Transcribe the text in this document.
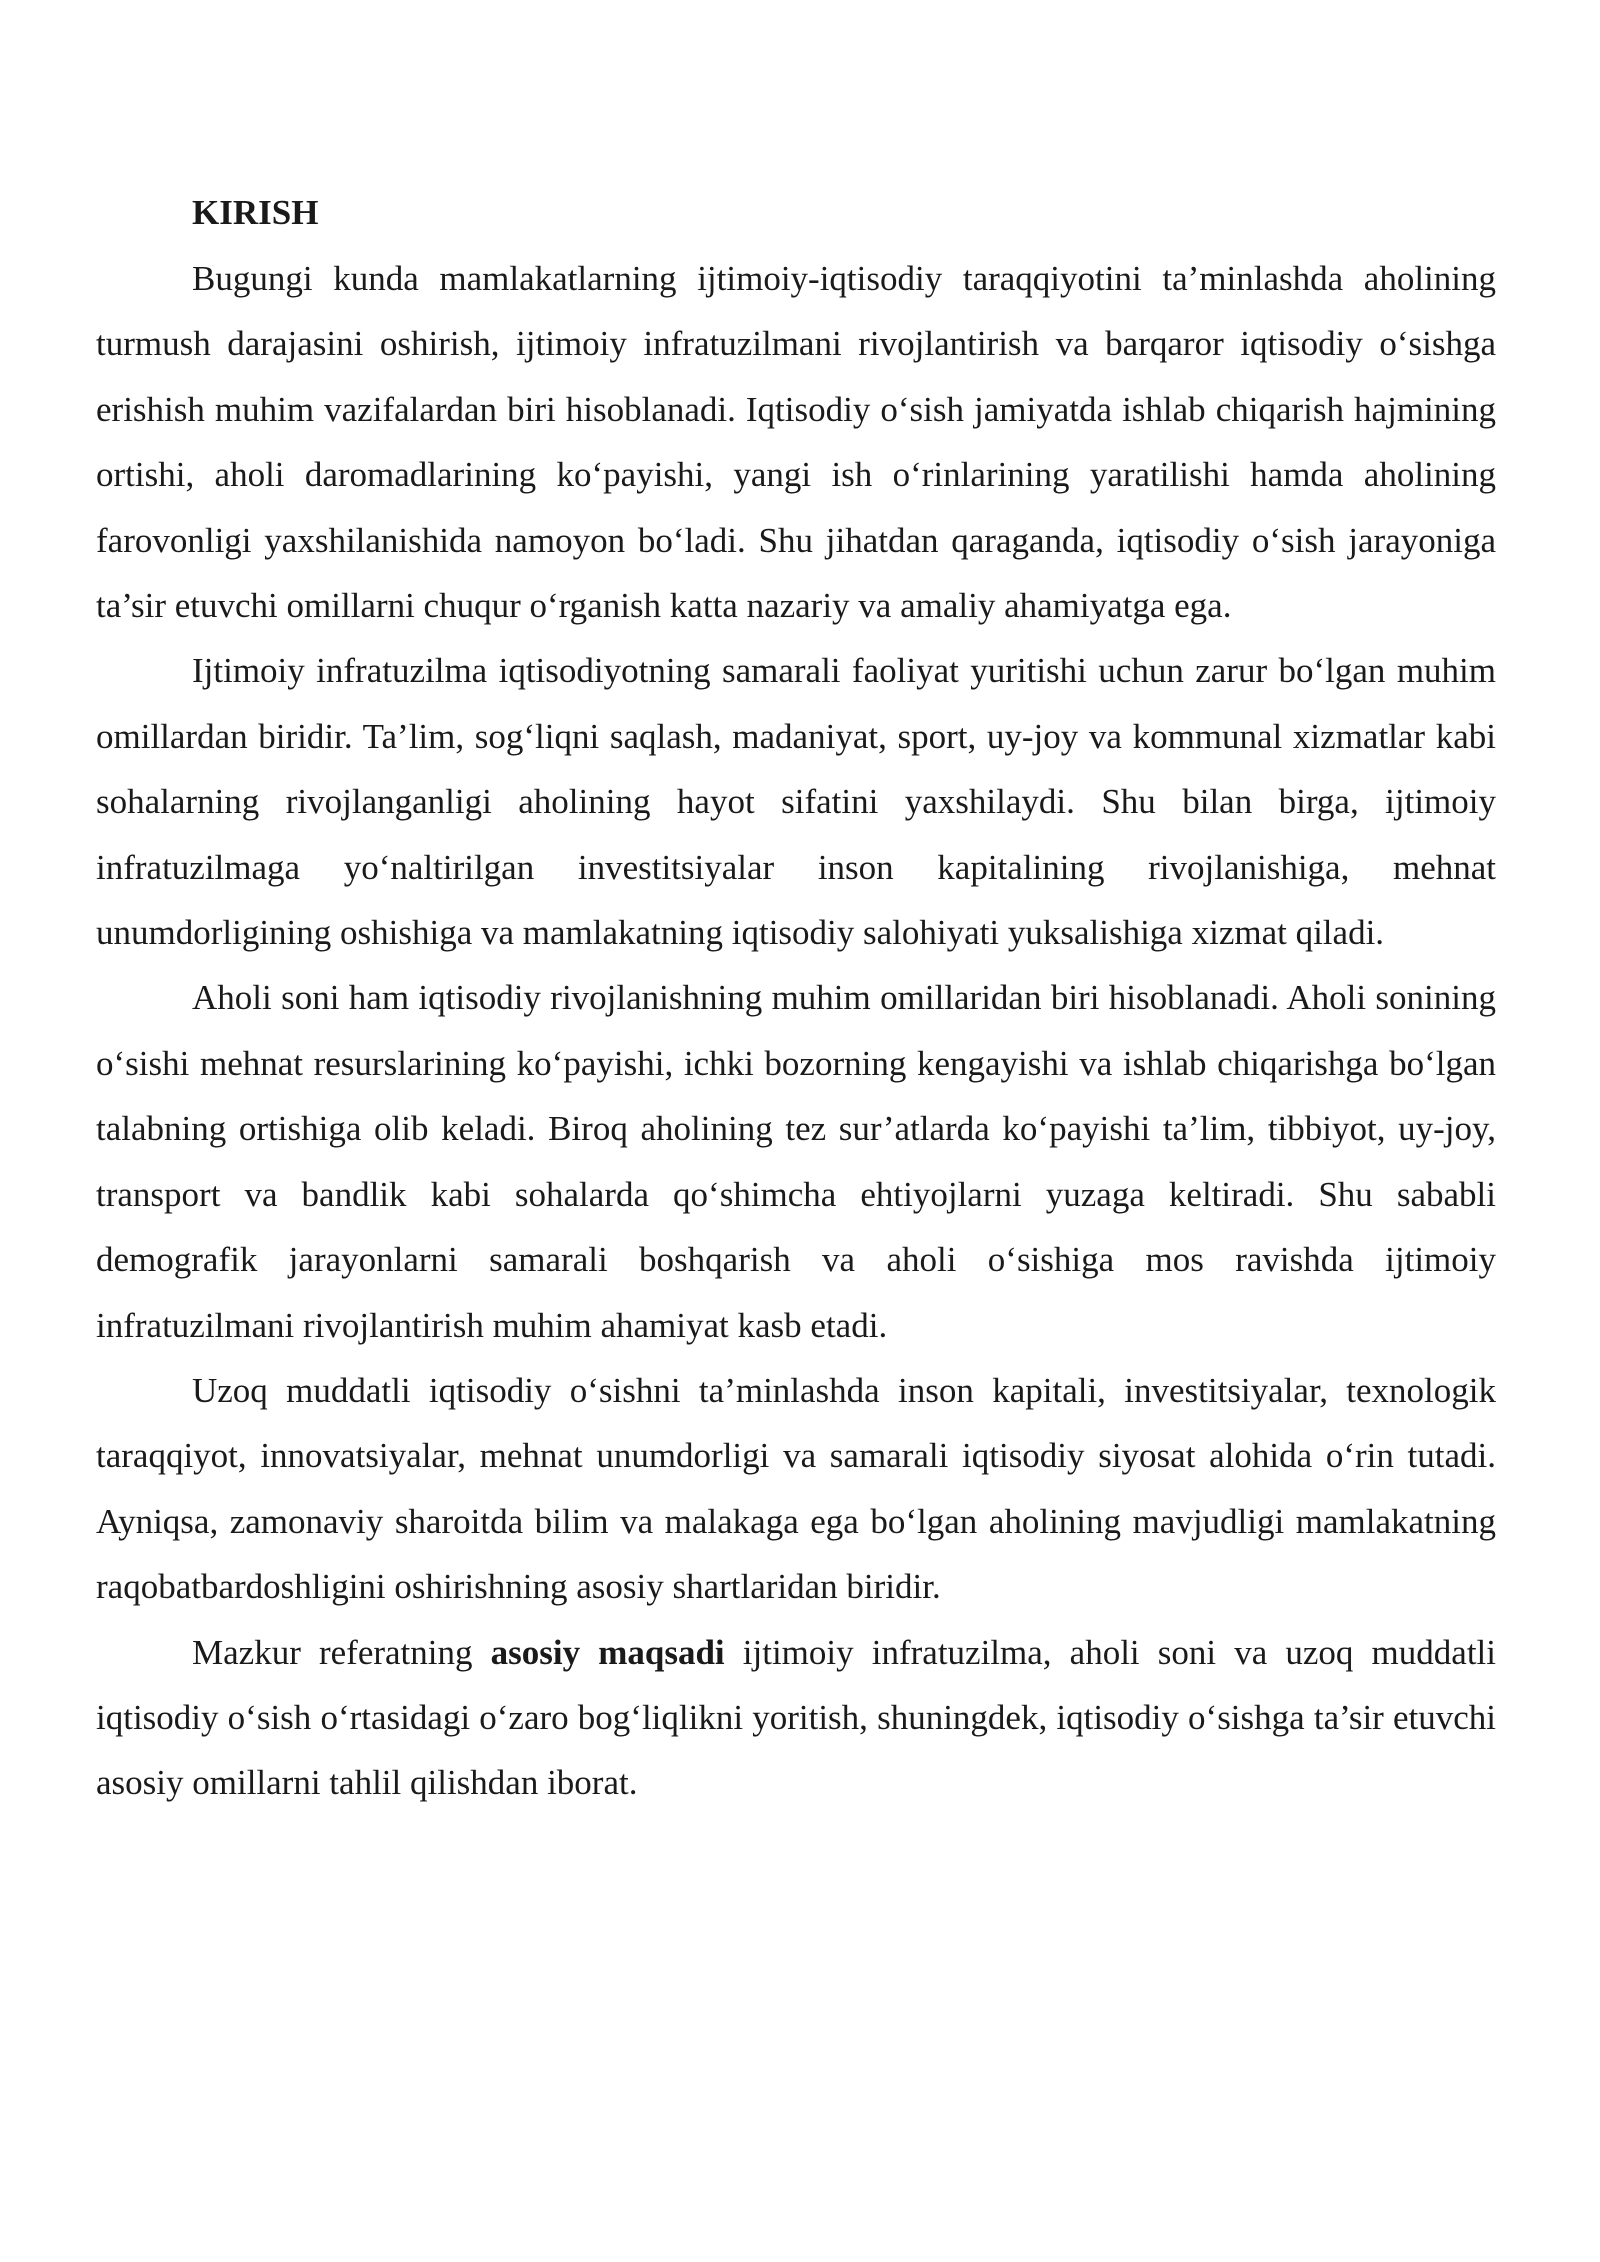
KIRISH

Bugungi kunda mamlakatlarning ijtimoiy-iqtisodiy taraqqiyotini ta’minlashda aholining turmush darajasini oshirish, ijtimoiy infratuzilmani rivojlantirish va barqaror iqtisodiy o‘sishga erishish muhim vazifalardan biri hisoblanadi. Iqtisodiy o‘sish jamiyatda ishlab chiqarish hajmining ortishi, aholi daromadlarining ko‘payishi, yangi ish o‘rinlarining yaratilishi hamda aholining farovonligi yaxshilanishida namoyon bo‘ladi. Shu jihatdan qaraganda, iqtisodiy o‘sish jarayoniga ta’sir etuvchi omillarni chuqur o‘rganish katta nazariy va amaliy ahamiyatga ega.

Ijtimoiy infratuzilma iqtisodiyotning samarali faoliyat yuritishi uchun zarur bo‘lgan muhim omillardan biridir. Ta’lim, sog‘liqni saqlash, madaniyat, sport, uy-joy va kommunal xizmatlar kabi sohalarning rivojlanganligi aholining hayot sifatini yaxshilaydi. Shu bilan birga, ijtimoiy infratuzilmaga yo‘naltirilgan investitsiyalar inson kapitalining rivojlanishiga, mehnat unumdorligining oshishiga va mamlakatning iqtisodiy salohiyati yuksalishiga xizmat qiladi.

Aholi soni ham iqtisodiy rivojlanishning muhim omillaridan biri hisoblanadi. Aholi sonining o‘sishi mehnat resurslarining ko‘payishi, ichki bozorning kengayishi va ishlab chiqarishga bo‘lgan talabning ortishiga olib keladi. Biroq aholining tez sur’atlarda ko‘payishi ta’lim, tibbiyot, uy-joy, transport va bandlik kabi sohalarda qo‘shimcha ehtiyojlarni yuzaga keltiradi. Shu sababli demografik jarayonlarni samarali boshqarish va aholi o‘sishiga mos ravishda ijtimoiy infratuzilmani rivojlantirish muhim ahamiyat kasb etadi.

Uzoq muddatli iqtisodiy o‘sishni ta’minlashda inson kapitali, investitsiyalar, texnologik taraqqiyot, innovatsiyalar, mehnat unumdorligi va samarali iqtisodiy siyosat alohida o‘rin tutadi. Ayniqsa, zamonaviy sharoitda bilim va malakaga ega bo‘lgan aholining mavjudligi mamlakatning raqobatbardoshligini oshirishning asosiy shartlaridan biridir.

Mazkur referatning asosiy maqsadi ijtimoiy infratuzilma, aholi soni va uzoq muddatli iqtisodiy o‘sish o‘rtasidagi o‘zaro bog‘liqlikni yoritish, shuningdek, iqtisodiy o‘sishga ta’sir etuvchi asosiy omillarni tahlil qilishdan iborat.
